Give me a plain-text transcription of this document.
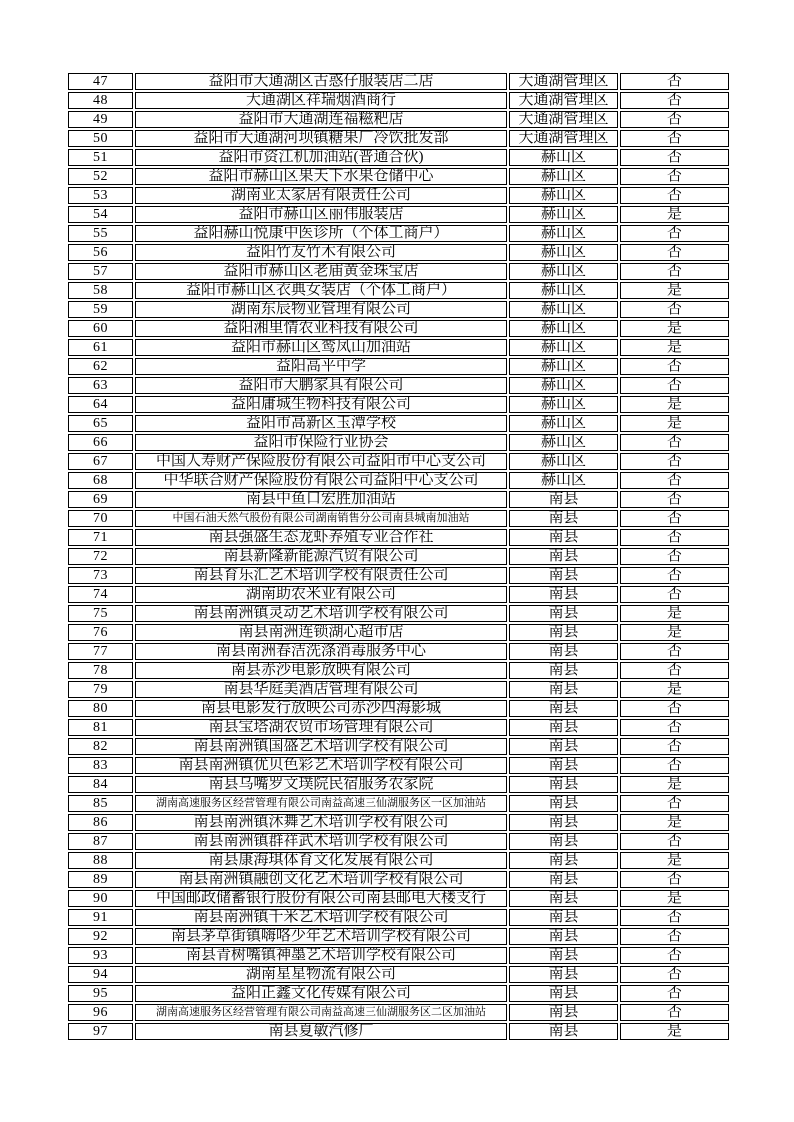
47	益阳市大通湖区古惑仔服装店二店	大通湖管理区	否
48	大通湖区祥瑞烟酒商行	大通湖管理区	否
49	益阳市大通湖连福糍粑店	大通湖管理区	否
50	益阳市大通湖河坝镇糖果厂冷饮批发部	大通湖管理区	否
51	益阳市资江机加油站(普通合伙)	赫山区	否
52	益阳市赫山区果天下水果仓储中心	赫山区	否
53	湖南亚太家居有限责任公司	赫山区	否
54	益阳市赫山区丽伟服装店	赫山区	是
55	益阳赫山悦康中医诊所（个体工商户）	赫山区	否
56	益阳竹友竹木有限公司	赫山区	否
57	益阳市赫山区老庙黄金珠宝店	赫山区	否
58	益阳市赫山区衣典女装店（个体工商户）	赫山区	是
59	湖南东辰物业管理有限公司	赫山区	否
60	益阳湘里情农业科技有限公司	赫山区	是
61	益阳市赫山区鸾凤山加油站	赫山区	是
62	益阳高平中学	赫山区	否
63	益阳市大鹏家具有限公司	赫山区	否
64	益阳庸城生物科技有限公司	赫山区	是
65	益阳市高新区玉潭学校	赫山区	是
66	益阳市保险行业协会	赫山区	否
67	中国人寿财产保险股份有限公司益阳市中心支公司	赫山区	否
68	中华联合财产保险股份有限公司益阳中心支公司	赫山区	否
69	南县中鱼口宏胜加油站	南县	否
70	中国石油天然气股份有限公司湖南销售分公司南县城南加油站	南县	否
71	南县强盛生态龙虾养殖专业合作社	南县	否
72	南县新隆新能源汽贸有限公司	南县	否
73	南县育乐汇艺术培训学校有限责任公司	南县	否
74	湖南助农米业有限公司	南县	否
75	南县南洲镇灵动艺术培训学校有限公司	南县	是
76	南县南洲连锁湖心超市店	南县	是
77	南县南洲春洁洗涤消毒服务中心	南县	否
78	南县赤沙电影放映有限公司	南县	否
79	南县华庭美酒店管理有限公司	南县	是
80	南县电影发行放映公司赤沙四海影城	南县	否
81	南县宝塔湖农贸市场管理有限公司	南县	否
82	南县南洲镇国盛艺术培训学校有限公司	南县	否
83	南县南洲镇优贝色彩艺术培训学校有限公司	南县	否
84	南县乌嘴罗文璞院民宿服务农家院	南县	是
85	湖南高速服务区经营管理有限公司南益高速三仙湖服务区一区加油站	南县	否
86	南县南洲镇沐舞艺术培训学校有限公司	南县	是
87	南县南洲镇群祥武术培训学校有限公司	南县	否
88	南县康海琪体育文化发展有限公司	南县	是
89	南县南洲镇融创文化艺术培训学校有限公司	南县	否
90	中国邮政储蓄银行股份有限公司南县邮电大楼支行	南县	是
91	南县南洲镇千米艺术培训学校有限公司	南县	否
92	南县茅草街镇嗨咯少年艺术培训学校有限公司	南县	否
93	南县青树嘴镇神墨艺术培训学校有限公司	南县	否
94	湖南星星物流有限公司	南县	否
95	益阳正鑫文化传媒有限公司	南县	否
96	湖南高速服务区经营管理有限公司南益高速三仙湖服务区二区加油站	南县	否
97	南县夏敏汽修厂	南县	是
